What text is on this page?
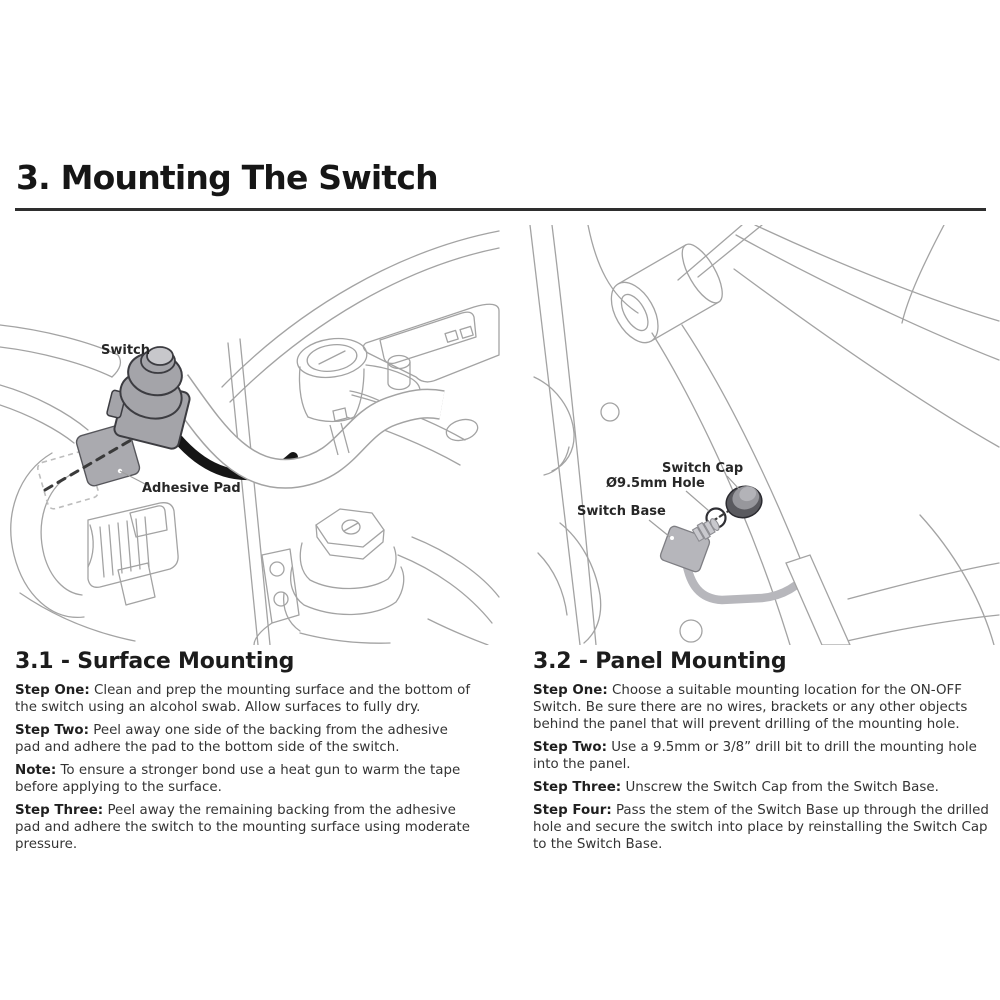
3. Mounting The Switch
Switch
Adhesive Pad
Switch Cap
Ø9.5mm Hole
Switch Base
3.1 - Surface Mounting

Step One: Clean and prep the mounting surface and the bottom of the switch using an alcohol swab. Allow surfaces to fully dry.

Step Two: Peel away one side of the backing from the adhesive pad and adhere the pad to the bottom side of the switch.

Note: To ensure a stronger bond use a heat gun to warm the tape before applying to the surface.

Step Three: Peel away the remaining backing from the adhesive pad and adhere the switch to the mounting surface using moderate pressure.

3.2 - Panel Mounting

Step One: Choose a suitable mounting location for the ON-OFF Switch. Be sure there are no wires, brackets or any other objects behind the panel that will prevent drilling of the mounting hole.

Step Two: Use a 9.5mm or 3/8” drill bit to drill the mounting hole into the panel.

Step Three: Unscrew the Switch Cap from the Switch Base.

Step Four: Pass the stem of the Switch Base up through the drilled hole and secure the switch into place by reinstalling the Switch Cap to the Switch Base.
